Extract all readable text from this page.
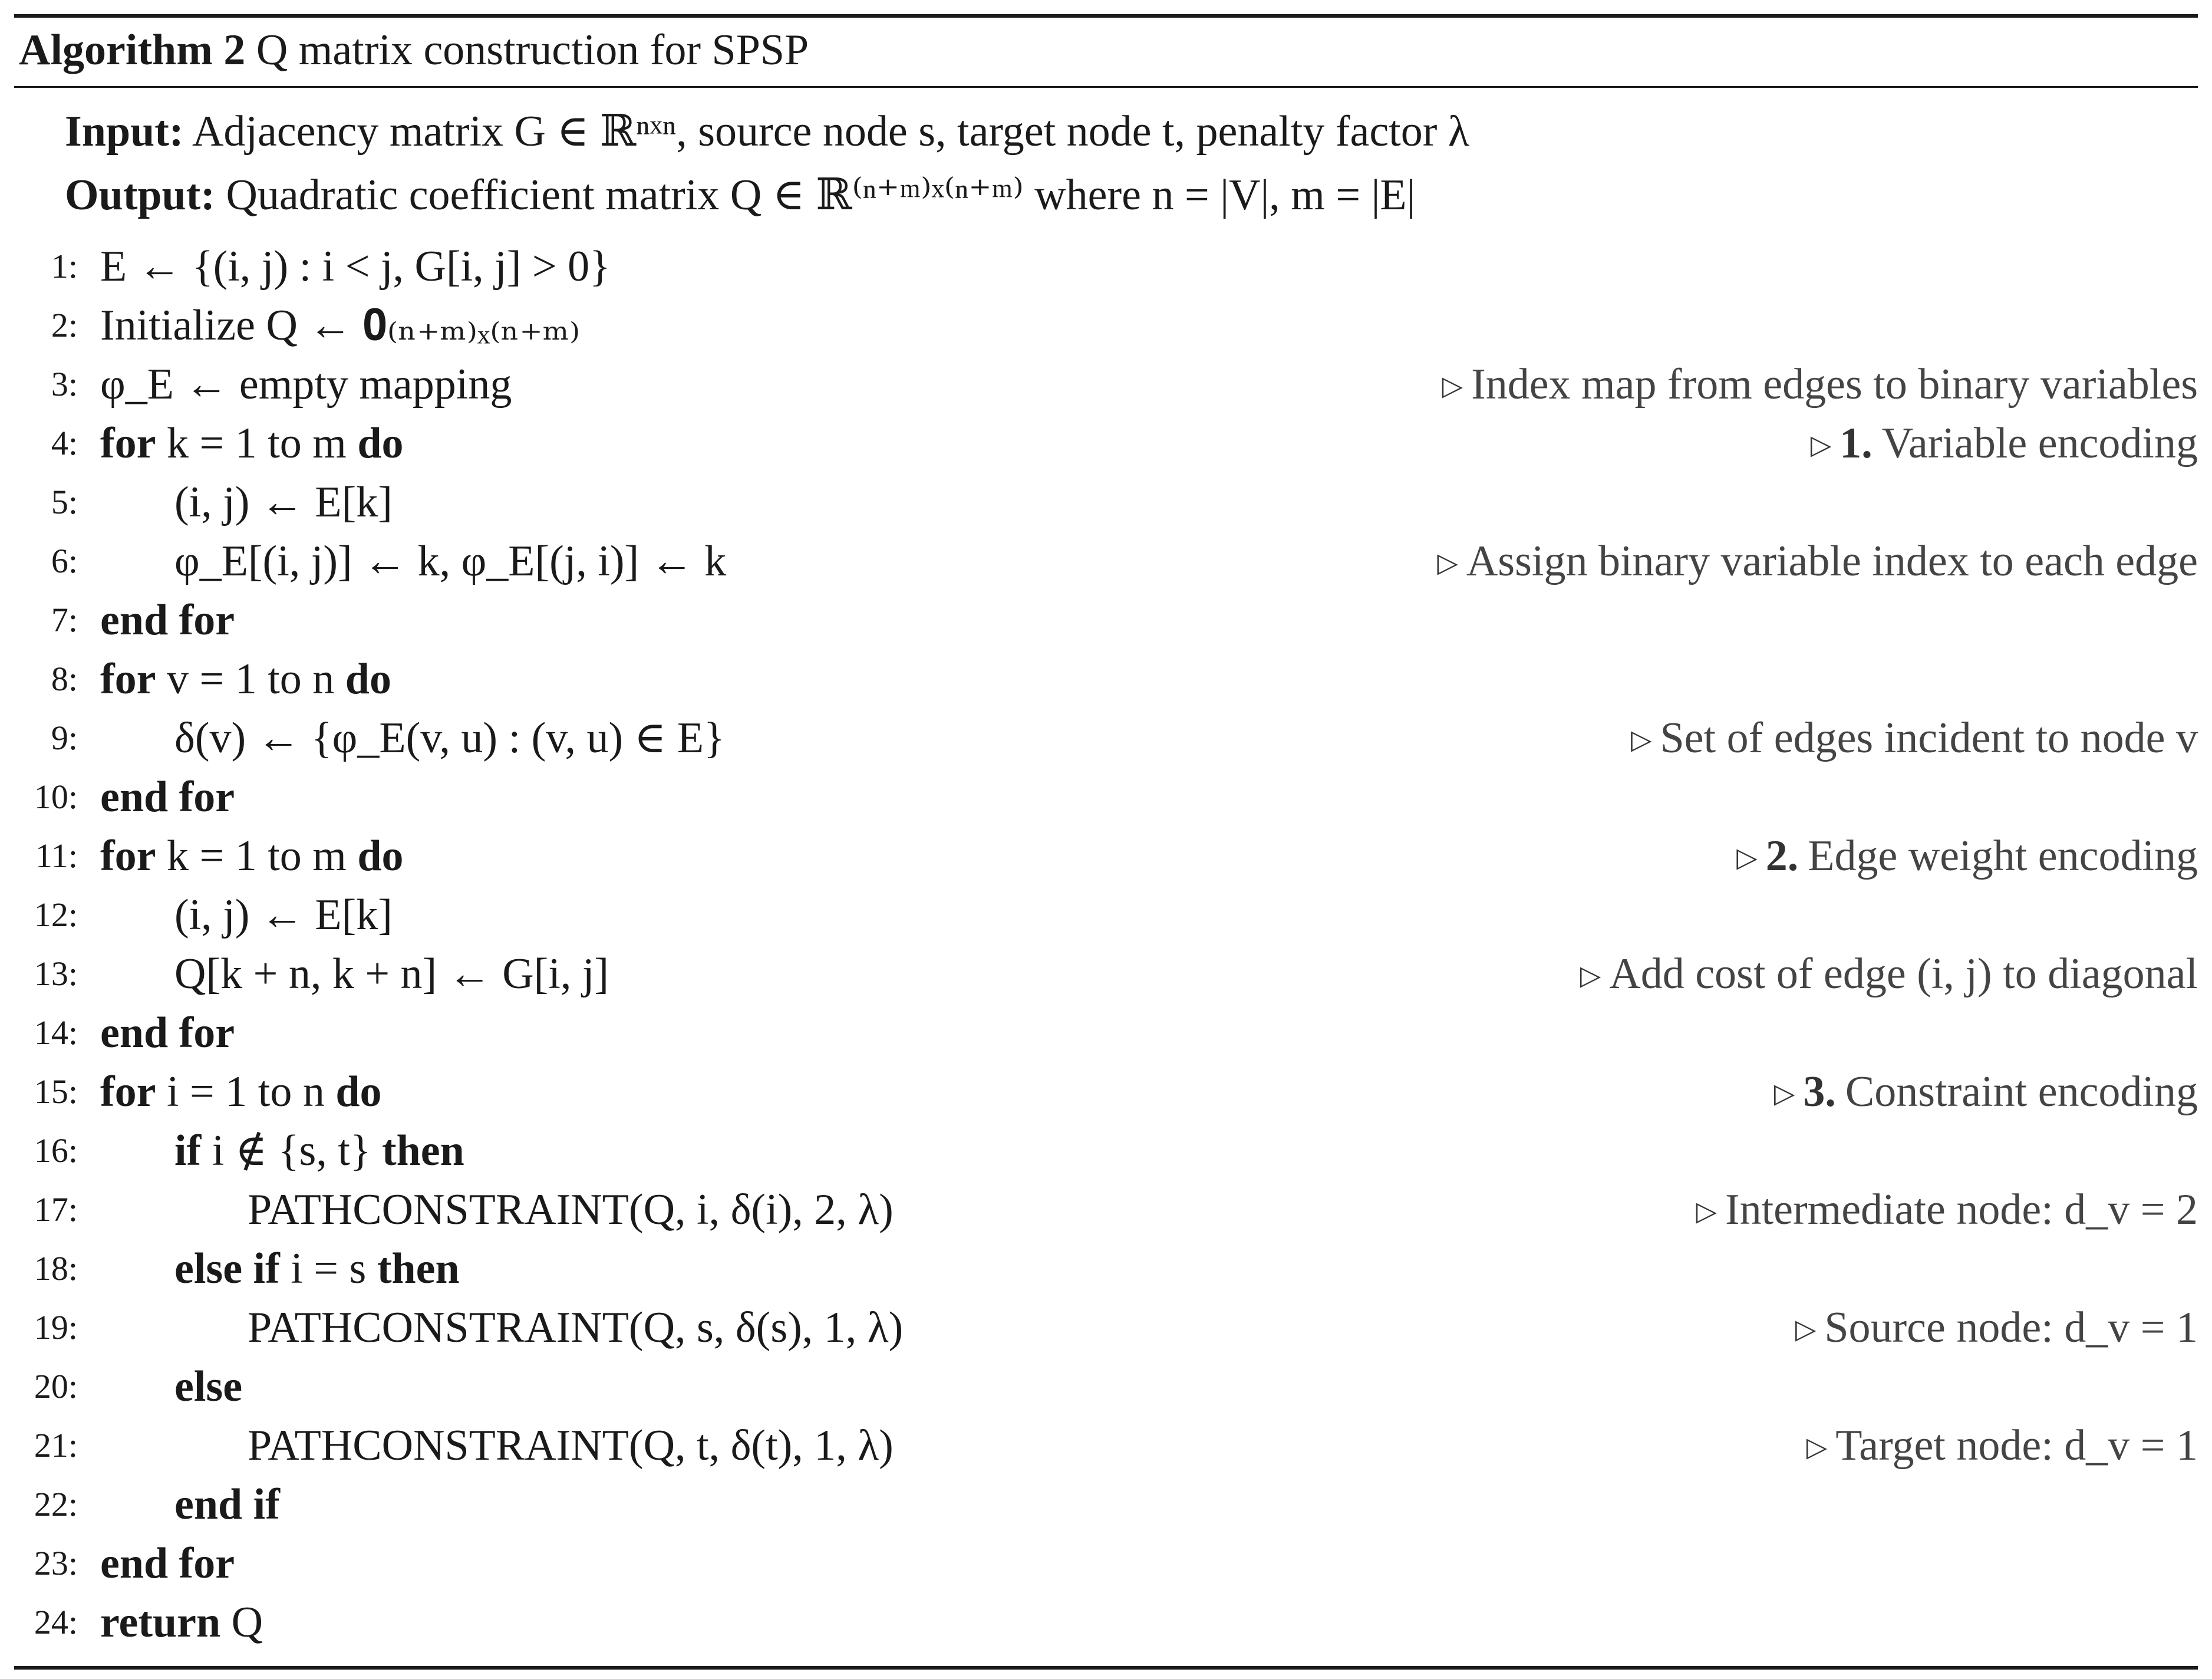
Algorithm 2 Q matrix construction for SPSP
Input: Adjacency matrix G ∈ ℝⁿˣⁿ, source node s, target node t, penalty factor λ
Output: Quadratic coefficient matrix Q ∈ ℝ⁽ⁿ⁺ᵐ⁾ˣ⁽ⁿ⁺ᵐ⁾ where n = |V|, m = |E|
1: E ← {(i, j) : i < j, G[i, j] > 0}
2: Initialize Q ← 𝟎₍ₙ₊ₘ₎ₓ₍ₙ₊ₘ₎
3: φ_E ← empty mapping	▷ Index map from edges to binary variables
4: for k = 1 to m do	▷ 1. Variable encoding
5: (i, j) ← E[k]
6: φ_E[(i, j)] ← k, φ_E[(j, i)] ← k	▷ Assign binary variable index to each edge
7: end for
8: for v = 1 to n do
9: δ(v) ← {φ_E(v, u) : (v, u) ∈ E}	▷ Set of edges incident to node v
10: end for
11: for k = 1 to m do	▷ 2. Edge weight encoding
12: (i, j) ← E[k]
13: Q[k + n, k + n] ← G[i, j]	▷ Add cost of edge (i, j) to diagonal
14: end for
15: for i = 1 to n do	▷ 3. Constraint encoding
16: if i ∉ {s, t} then
17:	PATHCONSTRAINT(Q, i, δ(i), 2, λ)	▷ Intermediate node: d_v = 2
18: else if i = s then
19:	PATHCONSTRAINT(Q, s, δ(s), 1, λ)	▷ Source node: d_v = 1
20: else
21:	PATHCONSTRAINT(Q, t, δ(t), 1, λ)	▷ Target node: d_v = 1
22: end if
23: end for
24: return Q
